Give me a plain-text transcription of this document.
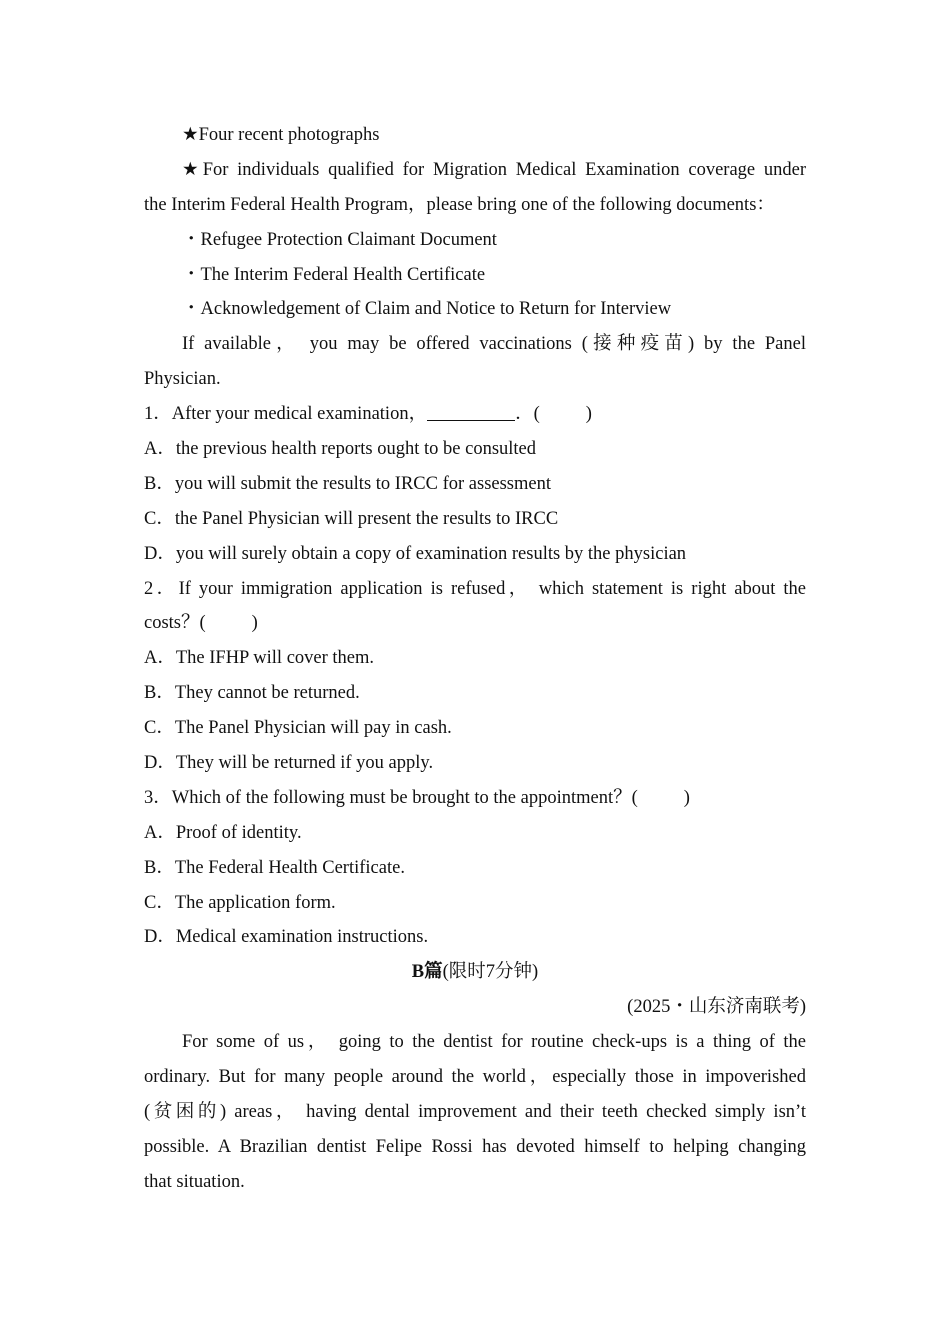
★Four recent photographs
★For individuals qualified for Migration Medical Examination coverage under
the Interim Federal Health Program，please bring one of the following documents：
・Refugee Protection Claimant Document
・The Interim Federal Health Certificate
・Acknowledgement of Claim and Notice to Return for Interview
If available， you may be offered vaccinations (接种疫苗) by the Panel
Physician.
1．After your medical examination，	．( )
A．the previous health reports ought to be consulted
B．you will submit the results to IRCC for assessment
C．the Panel Physician will present the results to IRCC
D．you will surely obtain a copy of examination results by the physician
2．If your immigration application is refused， which statement is right about the
costs？( )
A．The IFHP will cover them.
B．They cannot be returned.
C．The Panel Physician will pay in cash.
D．They will be returned if you apply.
3．Which of the following must be brought to the appointment？( )
A．Proof of identity.
B．The Federal Health Certificate.
C．The application form.
D．Medical examination instructions.
B篇(限时7分钟)
(2025・山东济南联考)
For some of us， going to the dentist for routine check-ups is a thing of the
ordinary. But for many people around the world，especially those in impoverished
(贫困的) areas， having dental improvement and their teeth checked simply isn’t
possible. A Brazilian dentist Felipe Rossi has devoted himself to helping changing
that situation.
